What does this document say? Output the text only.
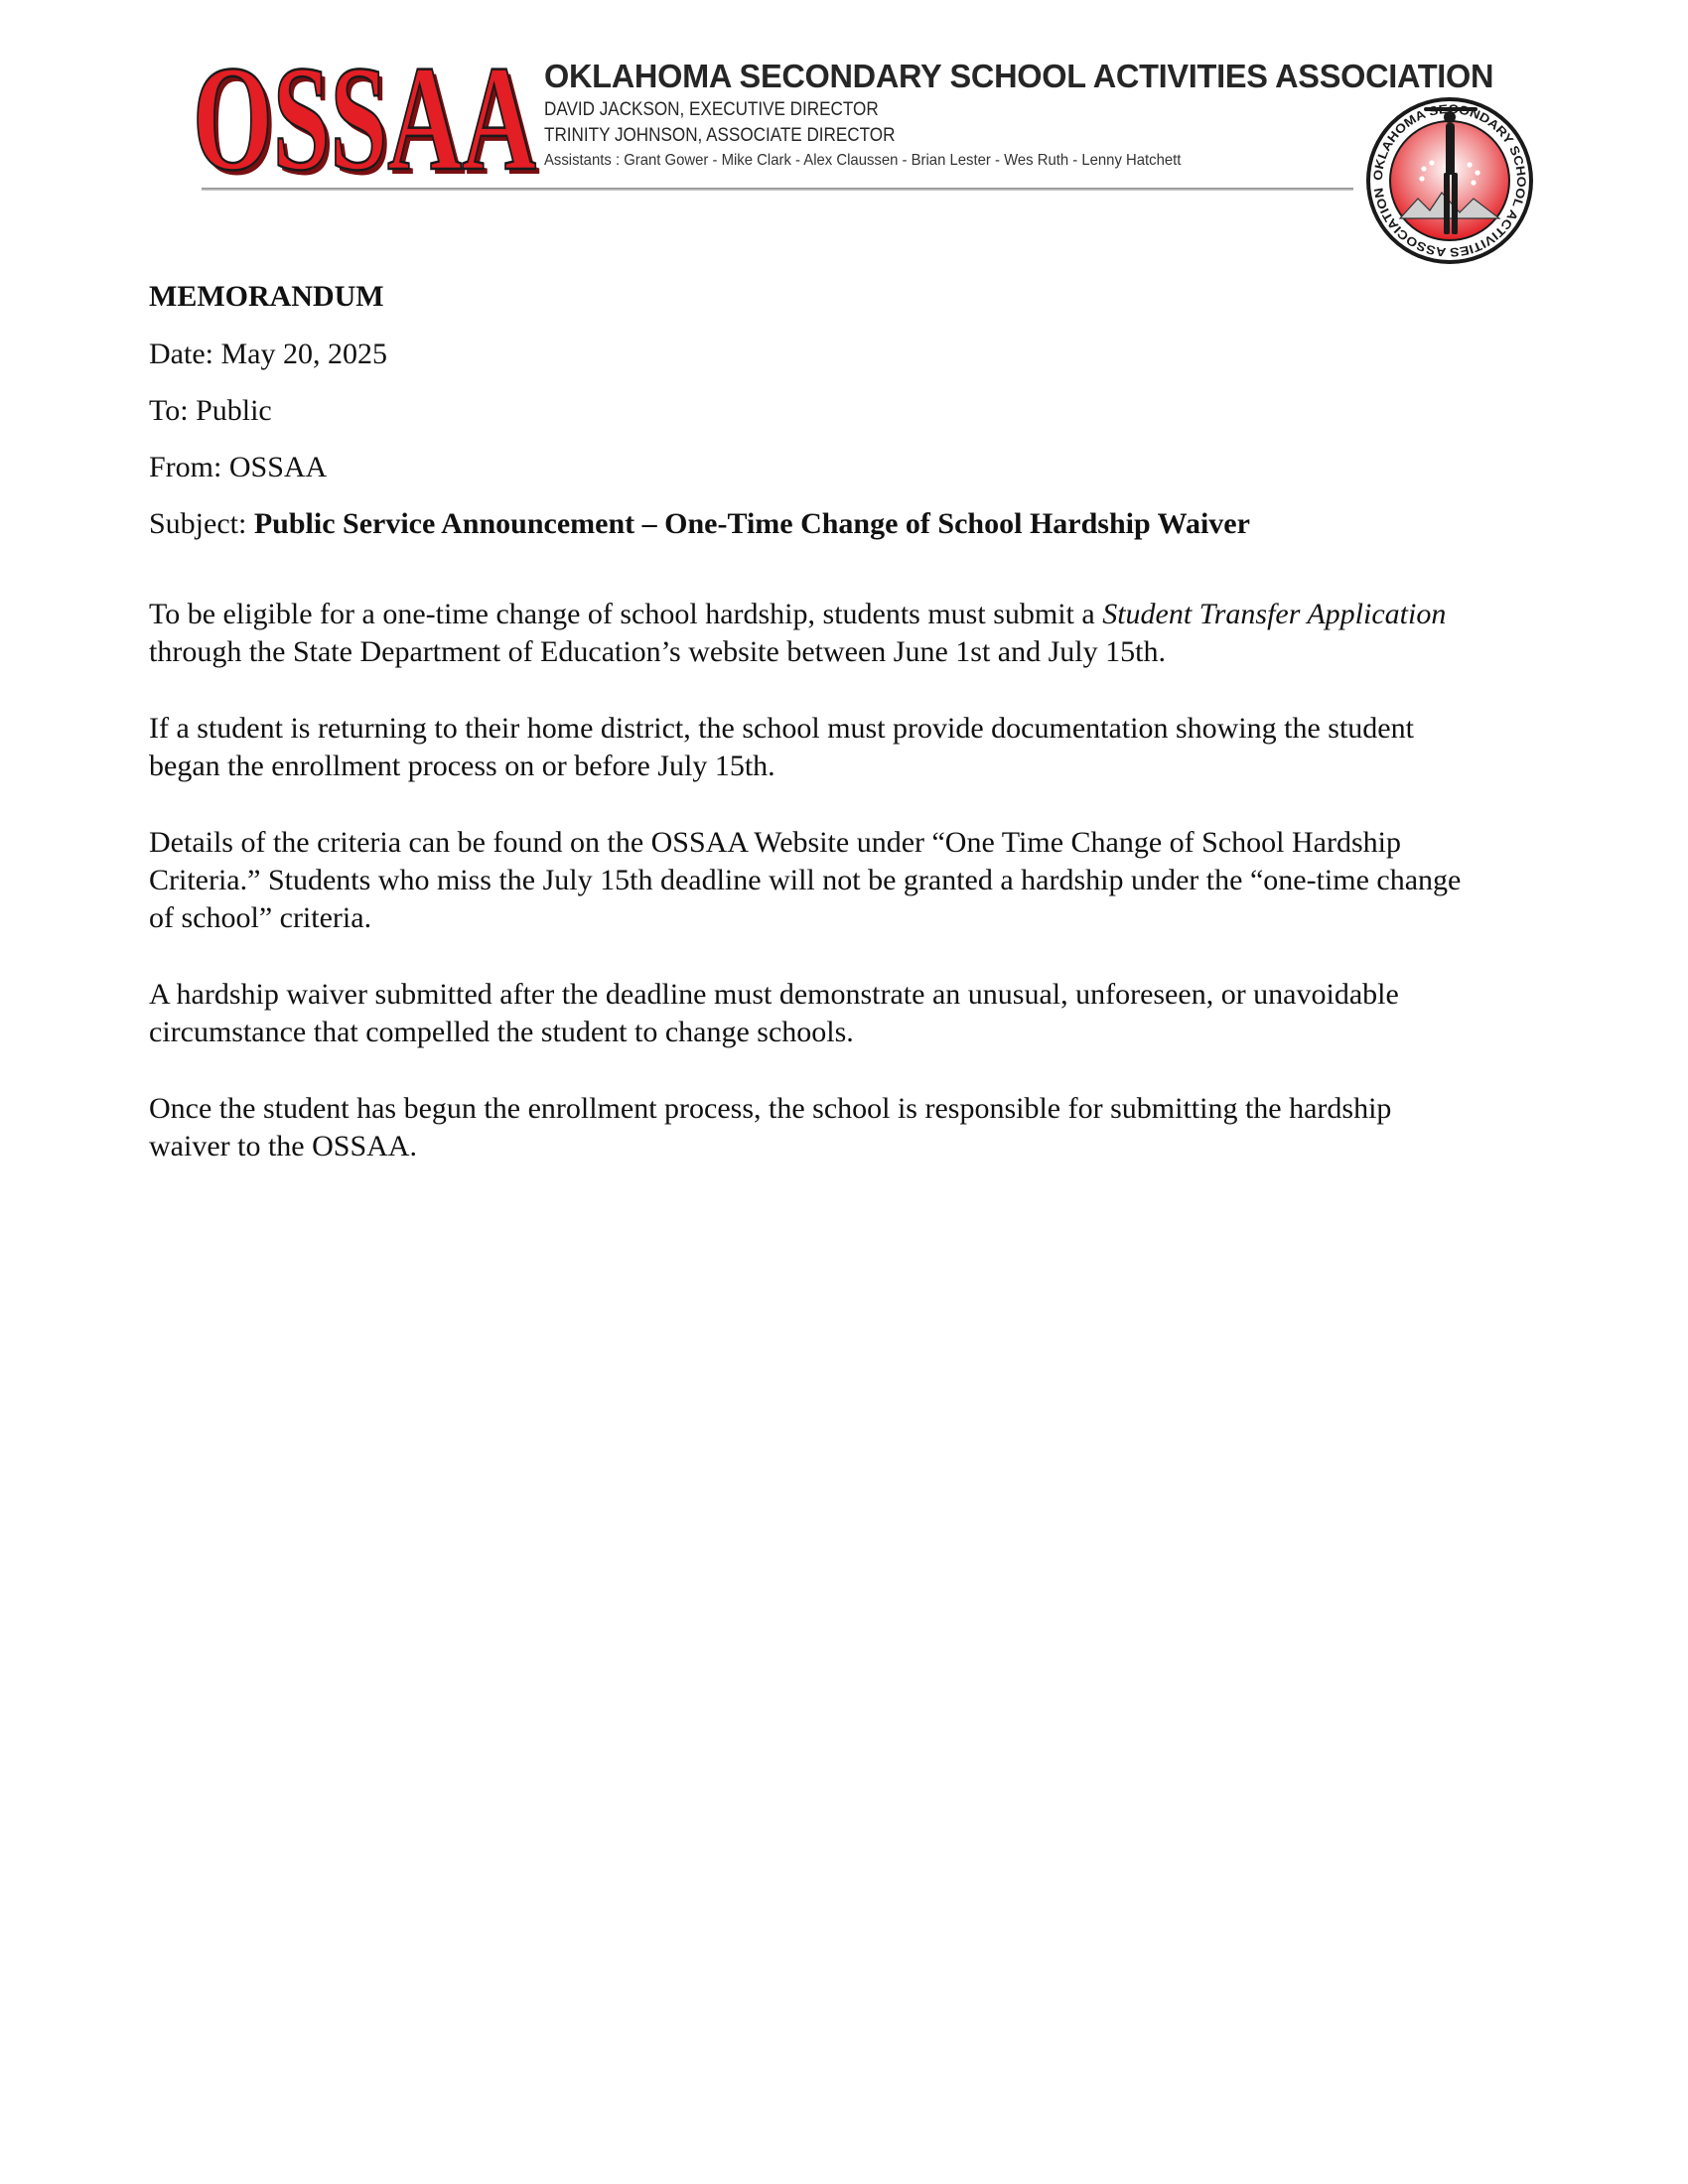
OSSAA
OSSAA OKLAHOMA SECONDARY SCHOOL ACTIVITIES ASSOCIATION
DAVID JACKSON, EXECUTIVE DIRECTOR
TRINITY JOHNSON, ASSOCIATE DIRECTOR
Assistants : Grant Gower - Mike Clark - Alex Claussen - Brian Lester - Wes Ruth - Lenny Hatchett
OKLAHOMA S NDARY SCHOOL ACTIVITIES ASSOCIATION
MEMORANDUM
Date: May 20, 2025
To: Public
From: OSSAA
Subject: Public Service Announcement – One-Time Change of School Hardship Waiver

To be eligible for a one-time change of school hardship, students must submit a Student Transfer Application through the State Department of Education’s website between June 1st and July 15th.

If a student is returning to their home district, the school must provide documentation showing the student began the enrollment process on or before July 15th.

Details of the criteria can be found on the OSSAA Website under “One Time Change of School Hardship Criteria.” Students who miss the July 15th deadline will not be granted a hardship under the “one-time change of school” criteria.

A hardship waiver submitted after the deadline must demonstrate an unusual, unforeseen, or unavoidable circumstance that compelled the student to change schools.

Once the student has begun the enrollment process, the school is responsible for submitting the hardship waiver to the OSSAA.
